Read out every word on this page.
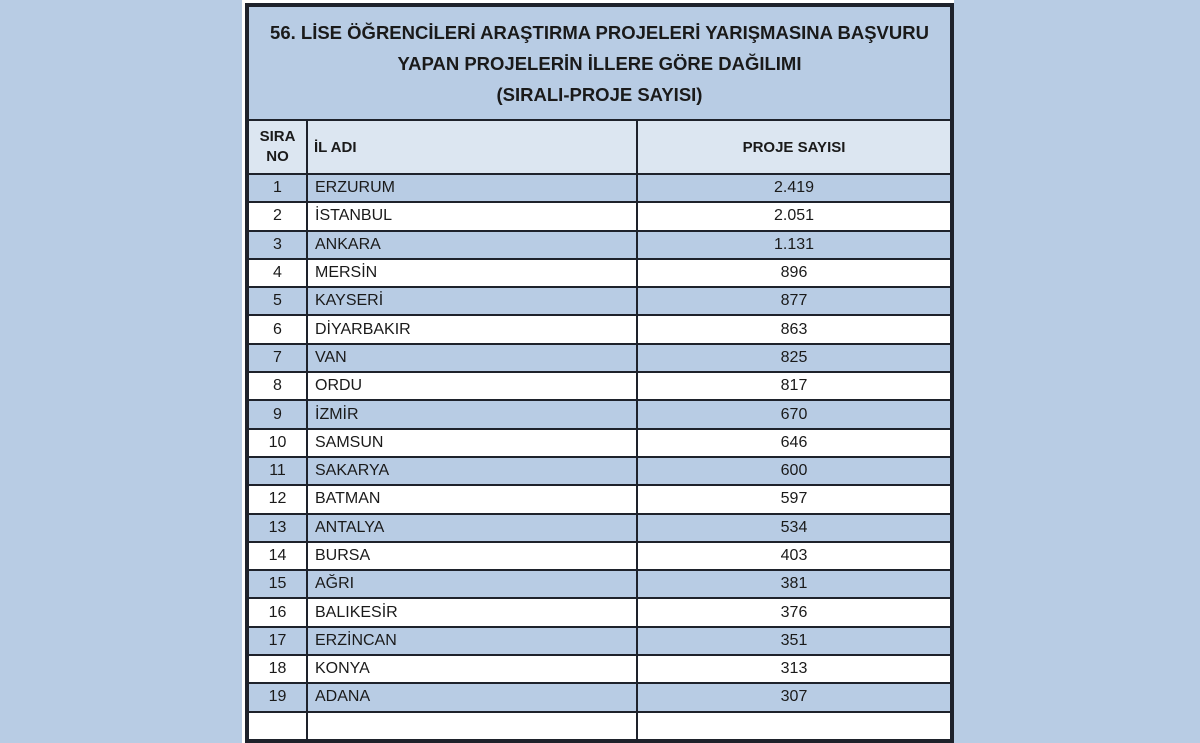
56. LİSE ÖĞRENCİLERİ ARAŞTIRMA PROJELERİ YARIŞMASINA BAŞVURU
YAPAN PROJELERİN İLLERE GÖRE DAĞILIMI
(SIRALI-PROJE SAYISI)		

SIRA NO	İL ADI	PROJE SAYISI
1	ERZURUM	2.419
2	İSTANBUL	2.051
3	ANKARA	1.131
4	MERSİN	896
5	KAYSERİ	877
6	DİYARBAKIR	863
7	VAN	825
8	ORDU	817
9	İZMİR	670
10	SAMSUN	646
11	SAKARYA	600
12	BATMAN	597
13	ANTALYA	534
14	BURSA	403
15	AĞRI	381
16	BALIKESİR	376
17	ERZİNCAN	351
18	KONYA	313
19	ADANA	307
